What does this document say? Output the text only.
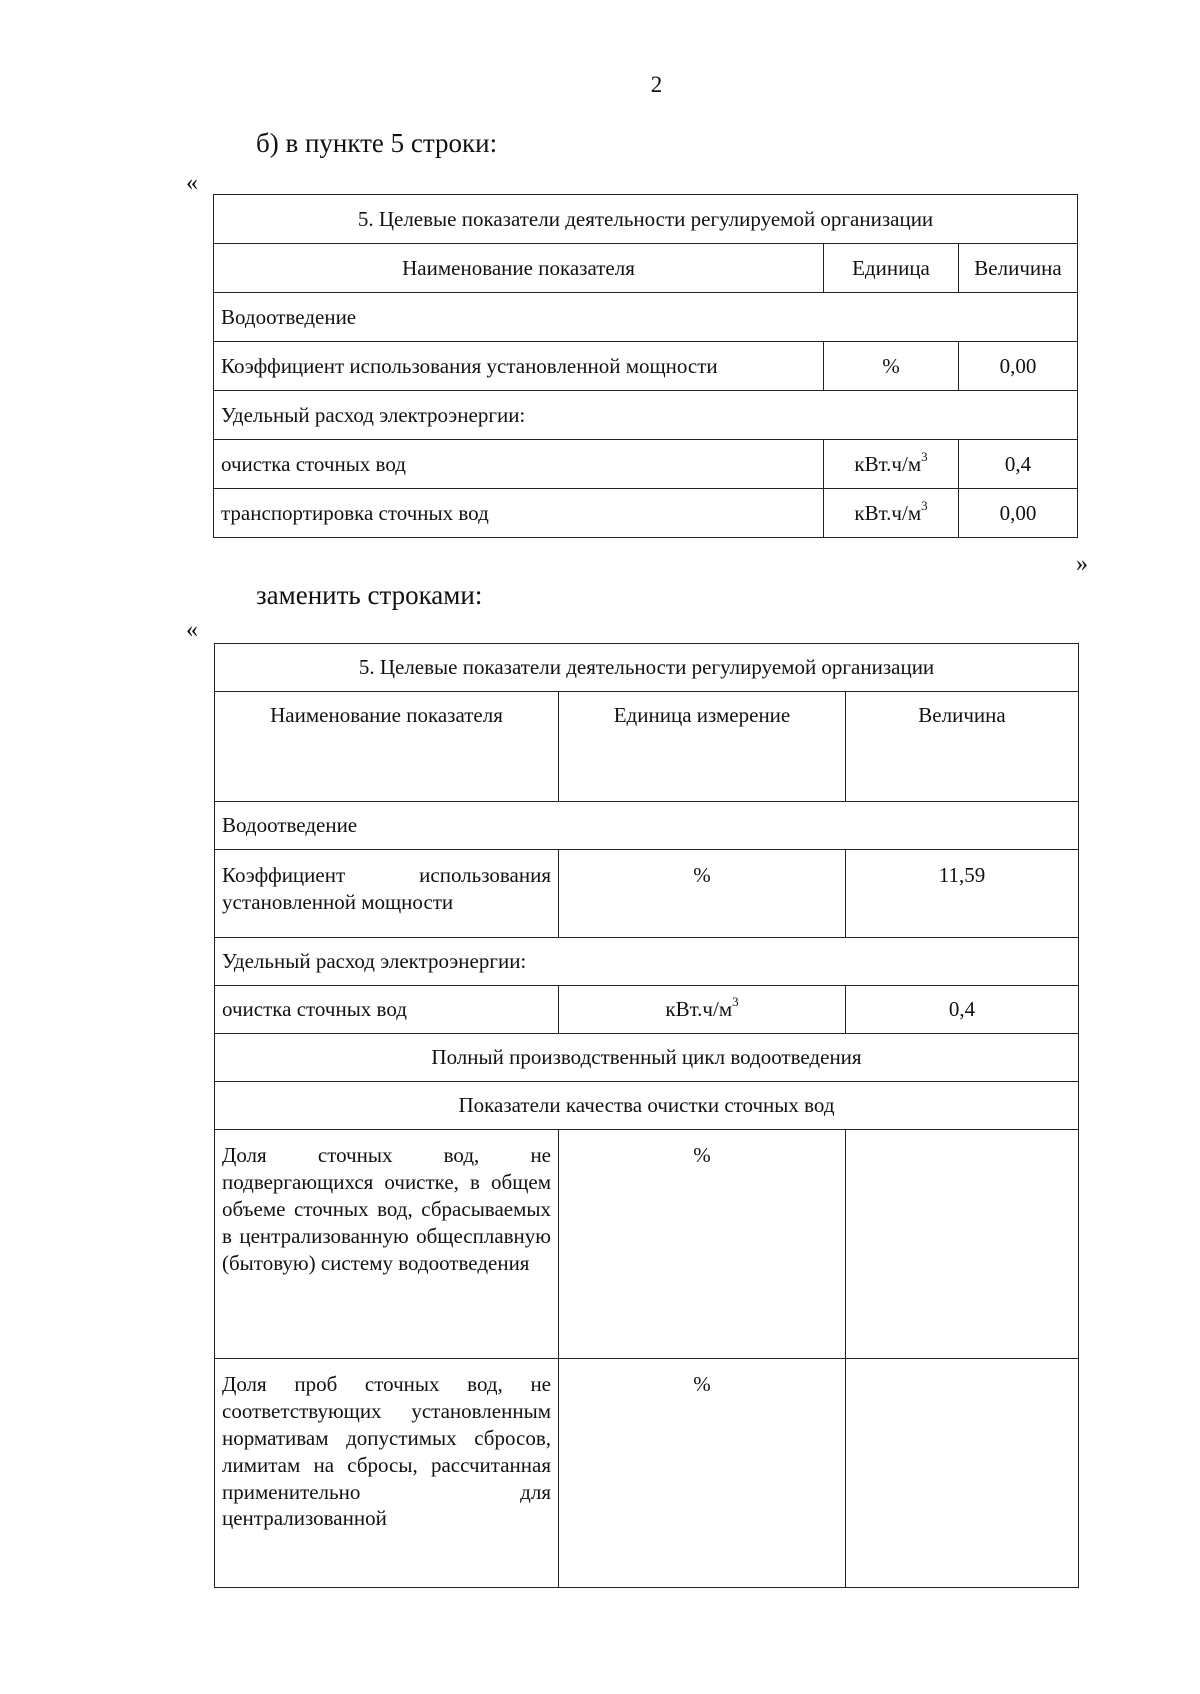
2
б) в пункте 5 строки:
«
5. Целевые показатели деятельности регулируемой организации		
Наименование показателя	Единица	Величина
Водоотведение		
Коэффициент использования установленной мощности	%	0,00
Удельный расход электроэнергии:		
очистка сточных вод	$кВт.ч/м^3$	0,4
транспортировка сточных вод	$кВт.ч/м^3$	0,00
»
заменить строками:
«
5. Целевые показатели деятельности регулируемой организации		
Наименование показателя	Единица измерение	Величина
Водоотведение		

Коэффициент использования
установленной мощности	%	11,59
Удельный расход электроэнергии:		
очистка сточных вод	$кВт.ч/м^3$	0,4
Полный производственный цикл водоотведения		
Показатели качества очистки сточных вод		
Доля сточных вод, не подвергающихся очистке, в общем объеме сточных вод, сбрасываемых в централизованную общесплавную (бытовую) систему водоотведения	%	
Доля проб сточных вод, не соответствующих установленным нормативам допустимых сбросов, лимитам на сбросы, рассчитанная применительно для централизованной	%	
